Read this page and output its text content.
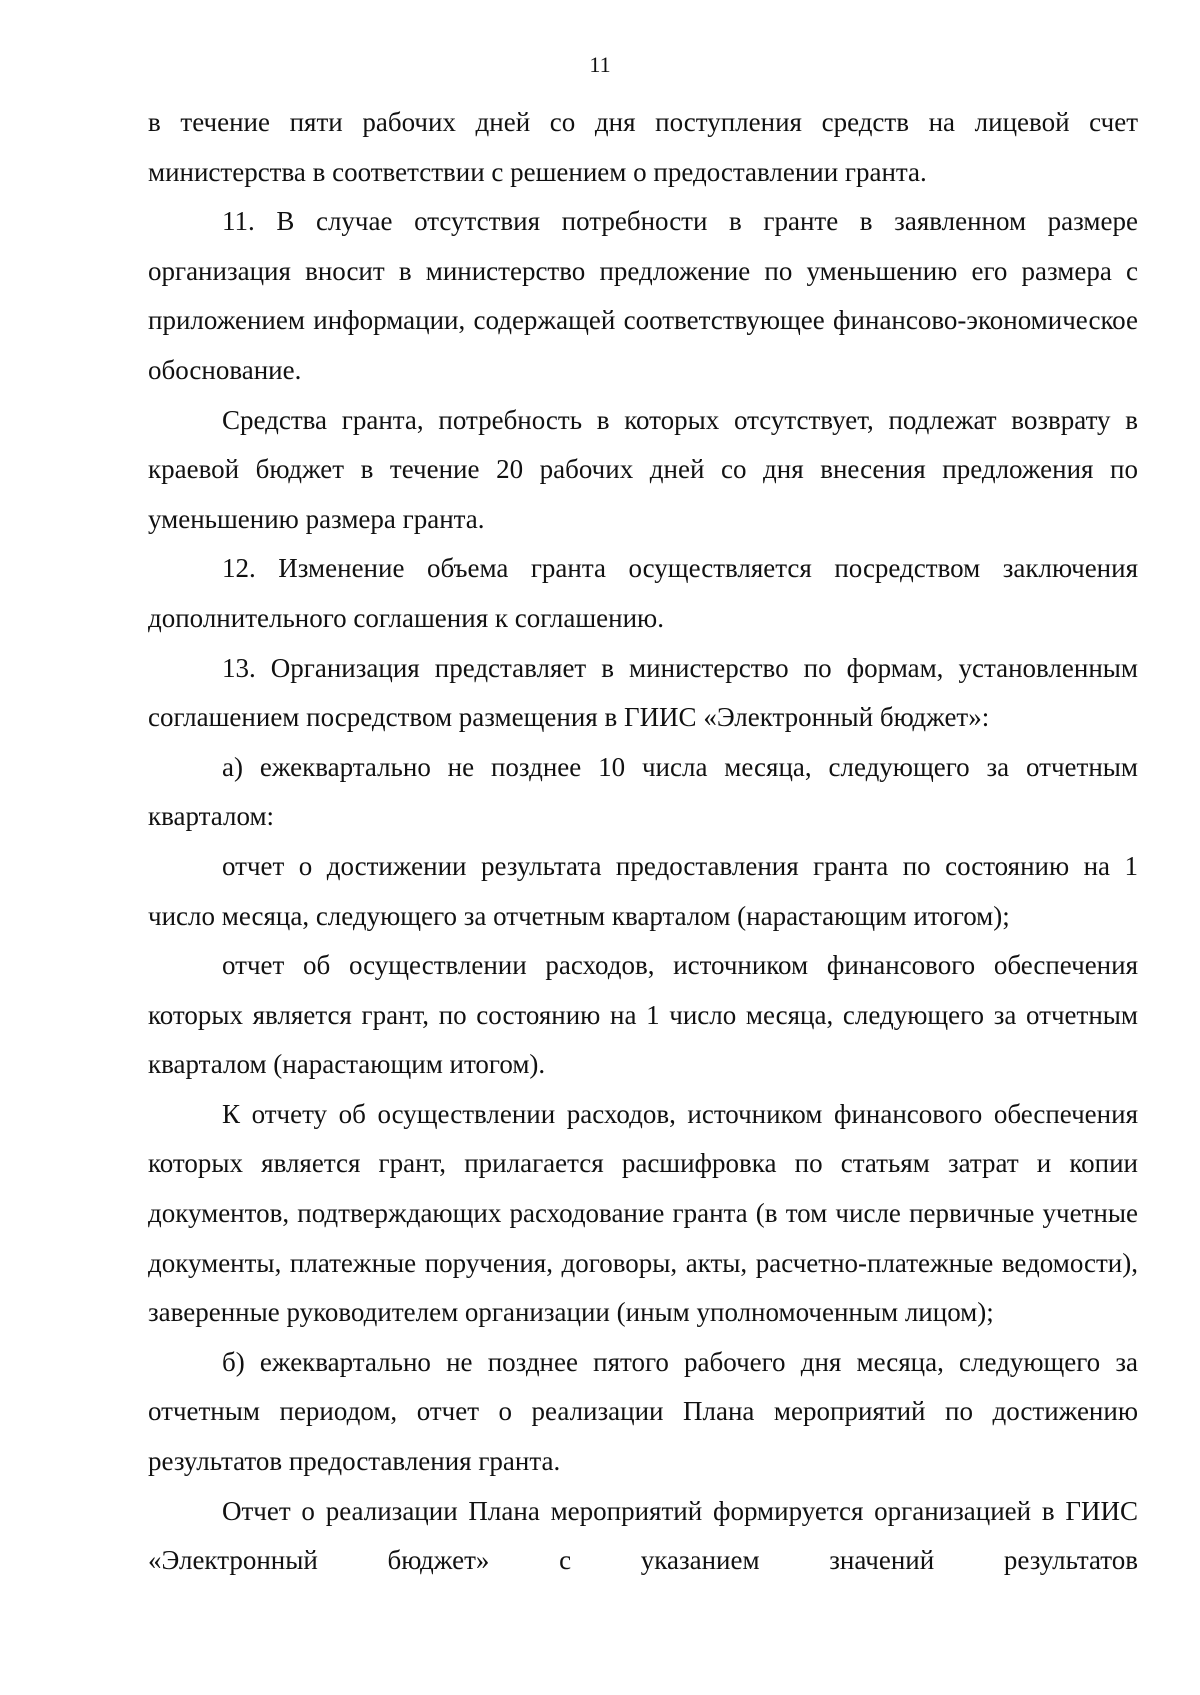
11

в течение пяти рабочих дней со дня поступления средств на лицевой счет министерства в соответствии с решением о предоставлении гранта.

11. В случае отсутствия потребности в гранте в заявленном размере организация вносит в министерство предложение по уменьшению его размера с приложением информации, содержащей соответствующее финансово-экономическое обоснование.

Средства гранта, потребность в которых отсутствует, подлежат возврату в краевой бюджет в течение 20 рабочих дней со дня внесения предложения по уменьшению размера гранта.

12. Изменение объема гранта осуществляется посредством заключения дополнительного соглашения к соглашению.

13. Организация представляет в министерство по формам, установленным соглашением посредством размещения в ГИИС «Электронный бюджет»:

а) ежеквартально не позднее 10 числа месяца, следующего за отчетным кварталом:

отчет о достижении результата предоставления гранта по состоянию на 1 число месяца, следующего за отчетным кварталом (нарастающим итогом);

отчет об осуществлении расходов, источником финансового обеспечения которых является грант, по состоянию на 1 число месяца, следующего за отчетным кварталом (нарастающим итогом).

К отчету об осуществлении расходов, источником финансового обеспечения которых является грант, прилагается расшифровка по статьям затрат и копии документов, подтверждающих расходование гранта (в том числе первичные учетные документы, платежные поручения, договоры, акты, расчетно-платежные ведомости), заверенные руководителем организации (иным уполномоченным лицом);

б) ежеквартально не позднее пятого рабочего дня месяца, следующего за отчетным периодом, отчет о реализации Плана мероприятий по достижению результатов предоставления гранта.

Отчет о реализации Плана мероприятий формируется организацией в ГИИС «Электронный бюджет» с указанием значений результатов
